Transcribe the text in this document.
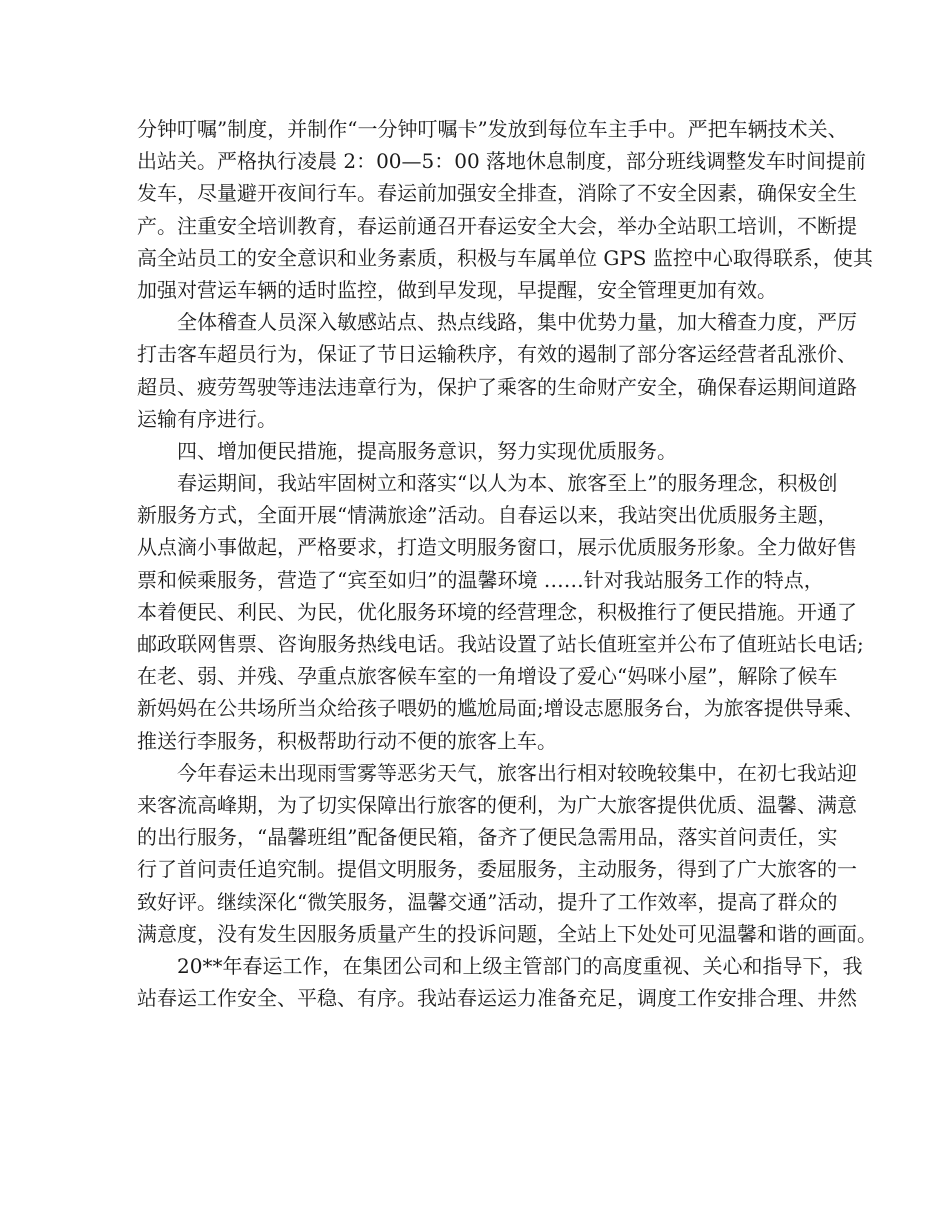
分钟叮嘱”制度，并制作“一分钟叮嘱卡”发放到每位车主手中。严把车辆技术关、
出站关。严格执行凌晨 2：00—5：00 落地休息制度，部分班线调整发车时间提前
发车，尽量避开夜间行车。春运前加强安全排查，消除了不安全因素，确保安全生
产。注重安全培训教育，春运前通召开春运安全大会，举办全站职工培训，不断提
高全站员工的安全意识和业务素质，积极与车属单位 GPS 监控中心取得联系，使其
加强对营运车辆的适时监控，做到早发现，早提醒，安全管理更加有效。
全体稽查人员深入敏感站点、热点线路，集中优势力量，加大稽查力度，严厉
打击客车超员行为，保证了节日运输秩序，有效的遏制了部分客运经营者乱涨价、
超员、疲劳驾驶等违法违章行为，保护了乘客的生命财产安全，确保春运期间道路
运输有序进行。
四、增加便民措施，提高服务意识，努力实现优质服务。
春运期间，我站牢固树立和落实“以人为本、旅客至上”的服务理念，积极创
新服务方式，全面开展“情满旅途”活动。自春运以来，我站突出优质服务主题，
从点滴小事做起，严格要求，打造文明服务窗口，展示优质服务形象。全力做好售
票和候乘服务，营造了“宾至如归”的温馨环境 ……针对我站服务工作的特点，
本着便民、利民、为民，优化服务环境的经营理念，积极推行了便民措施。开通了
邮政联网售票、咨询服务热线电话。我站设置了站长值班室并公布了值班站长电话;
在老、弱、并残、孕重点旅客候车室的一角增设了爱心“妈咪小屋”，解除了候车
新妈妈在公共场所当众给孩子喂奶的尴尬局面;增设志愿服务台，为旅客提供导乘、
推送行李服务，积极帮助行动不便的旅客上车。
今年春运未出现雨雪雾等恶劣天气，旅客出行相对较晚较集中，在初七我站迎
来客流高峰期，为了切实保障出行旅客的便利，为广大旅客提供优质、温馨、满意
的出行服务，“晶馨班组”配备便民箱，备齐了便民急需用品，落实首问责任，实
行了首问责任追究制。提倡文明服务，委屈服务，主动服务，得到了广大旅客的一
致好评。继续深化“微笑服务，温馨交通”活动，提升了工作效率，提高了群众的
满意度，没有发生因服务质量产生的投诉问题，全站上下处处可见温馨和谐的画面。
20**年春运工作，在集团公司和上级主管部门的高度重视、关心和指导下，我
站春运工作安全、平稳、有序。我站春运运力准备充足，调度工作安排合理、井然
